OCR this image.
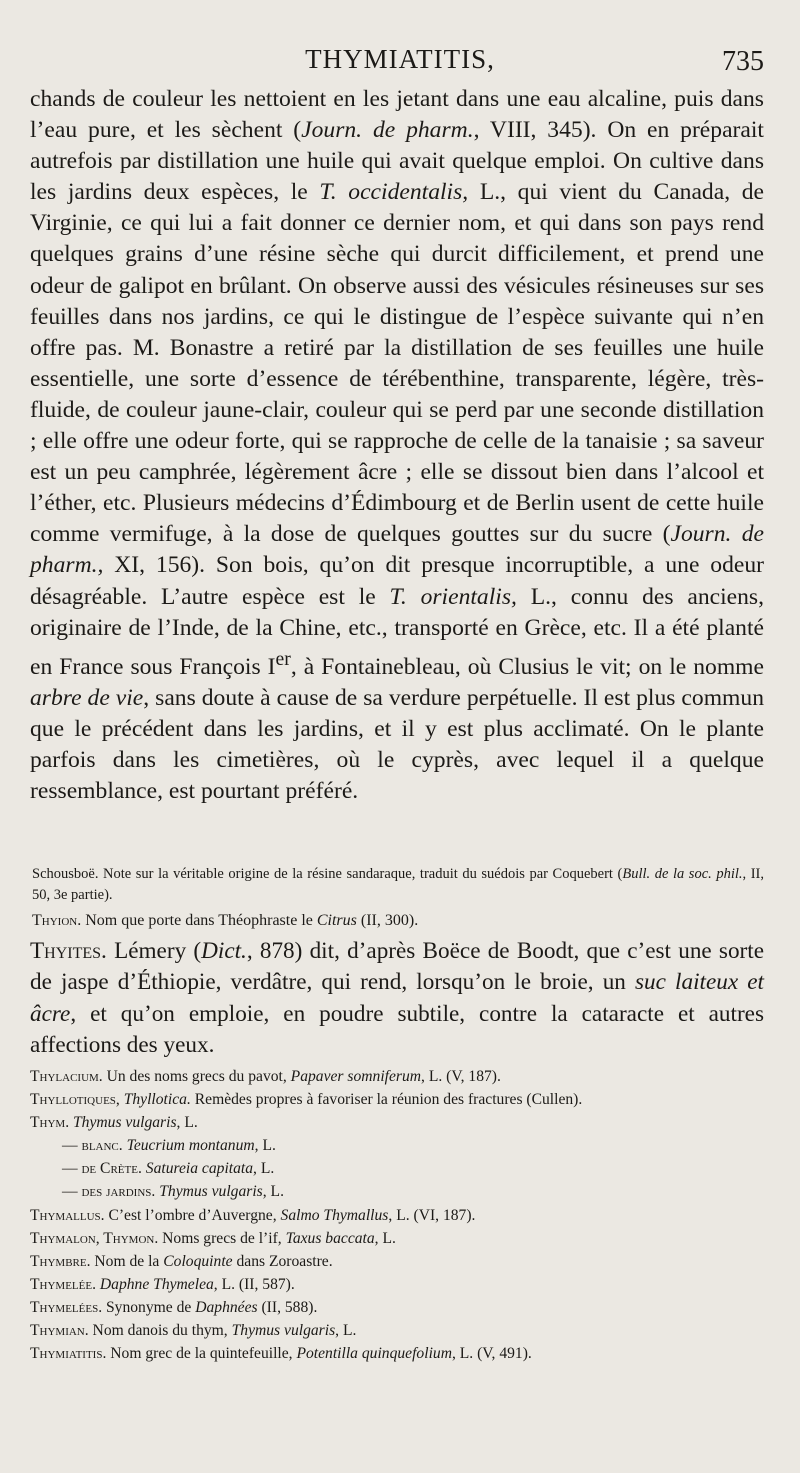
THYMIATITIS,	735

chands de couleur les nettoient en les jetant dans une eau alcaline, puis dans l’eau pure, et les sèchent (Journ. de pharm., VIII, 345). On en préparait autrefois par distillation une huile qui avait quelque emploi. On cultive dans les jardins deux espèces, le T. occidentalis, L., qui vient du Canada, de Virginie, ce qui lui a fait donner ce dernier nom, et qui dans son pays rend quelques grains d’une résine sèche qui durcit difficilement, et prend une odeur de galipot en brûlant. On observe aussi des vésicules résineuses sur ses feuilles dans nos jardins, ce qui le distingue de l’espèce suivante qui n’en offre pas. M. Bonastre a retiré par la distillation de ses feuilles une huile essentielle, une sorte d’essence de térébenthine, transparente, légère, très-fluide, de couleur jaune-clair, couleur qui se perd par une seconde distillation ; elle offre une odeur forte, qui se rapproche de celle de la tanaisie ; sa saveur est un peu camphrée, légèrement âcre ; elle se dissout bien dans l’alcool et l’éther, etc. Plusieurs médecins d’Édimbourg et de Berlin usent de cette huile comme vermifuge, à la dose de quelques gouttes sur du sucre (Journ. de pharm., XI, 156). Son bois, qu’on dit presque incorruptible, a une odeur désagréable. L’autre espèce est le T. orientalis, L., connu des anciens, originaire de l’Inde, de la Chine, etc., transporté en Grèce, etc. Il a été planté en France sous François Ier, à Fontainebleau, où Clusius le vit; on le nomme arbre de vie, sans doute à cause de sa verdure perpétuelle. Il est plus commun que le précédent dans les jardins, et il y est plus acclimaté. On le plante parfois dans les cimetières, où le cyprès, avec lequel il a quelque ressemblance, est pourtant préféré.

Schousboë. Note sur la véritable origine de la résine sandaraque, traduit du suédois par Coquebert (Bull. de la soc. phil., II, 50, 3e partie).
Thyion. Nom que porte dans Théophraste le Citrus (II, 300).
Thyites. Lémery (Dict., 878) dit, d’après Boëce de Boodt, que c’est une sorte de jaspe d’Éthiopie, verdâtre, qui rend, lorsqu’on le broie, un suc laiteux et âcre, et qu’on emploie, en poudre subtile, contre la cataracte et autres affections des yeux.
Thylacium. Un des noms grecs du pavot, Papaver somniferum, L. (V, 187).
Thyllotiques, Thyllotica. Remèdes propres à favoriser la réunion des fractures (Cullen).
Thym. Thymus vulgaris, L.
— blanc. Teucrium montanum, L.
— de Crète. Satureia capitata, L.
— des jardins. Thymus vulgaris, L.
Thymallus. C’est l’ombre d’Auvergne, Salmo Thymallus, L. (VI, 187).
Thymalon, Thymon. Noms grecs de l’if, Taxus baccata, L.
Thymbre. Nom de la Coloquinte dans Zoroastre.
Thymelée. Daphne Thymelea, L. (II, 587).
Thymelées. Synonyme de Daphnées (II, 588).
Thymian. Nom danois du thym, Thymus vulgaris, L.
Thymiatitis. Nom grec de la quintefeuille, Potentilla quinquefolium, L. (V, 491).
